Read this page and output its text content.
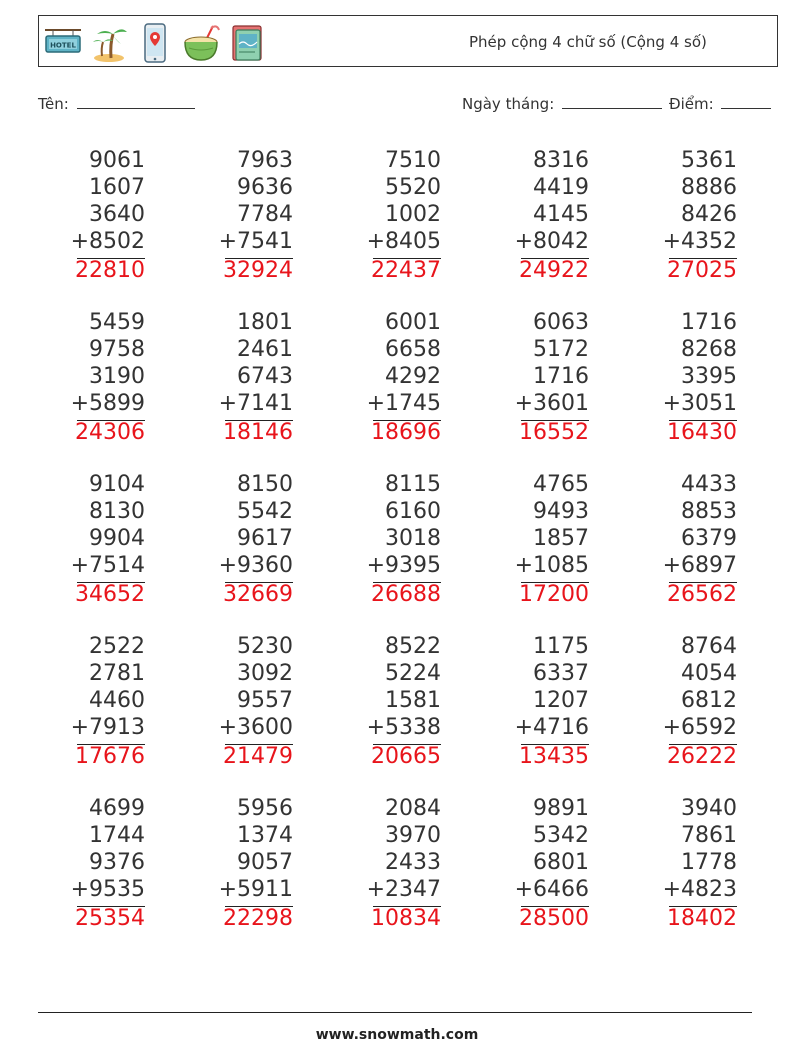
HOTEL	Phép cộng 4 chữ số (Cộng 4 số)
Tên:	Ngày tháng:	Điểm:
9061
1607
3640
+8502
22810
7963
9636
7784
+7541
32924
7510
5520
1002
+8405
22437
8316
4419
4145
+8042
24922
5361
8886
8426
+4352
27025
5459
9758
3190
+5899
24306
1801
2461
6743
+7141
18146
6001
6658
4292
+1745
18696
6063
5172
1716
+3601
16552
1716
8268
3395
+3051
16430
9104
8130
9904
+7514
34652
8150
5542
9617
+9360
32669
8115
6160
3018
+9395
26688
4765
9493
1857
+1085
17200
4433
8853
6379
+6897
26562
2522
2781
4460
+7913
17676
5230
3092
9557
+3600
21479
8522
5224
1581
+5338
20665
1175
6337
1207
+4716
13435
8764
4054
6812
+6592
26222
4699
1744
9376
+9535
25354
5956
1374
9057
+5911
22298
2084
3970
2433
+2347
10834
9891
5342
6801
+6466
28500
3940
7861
1778
+4823
18402
www.snowmath.com
